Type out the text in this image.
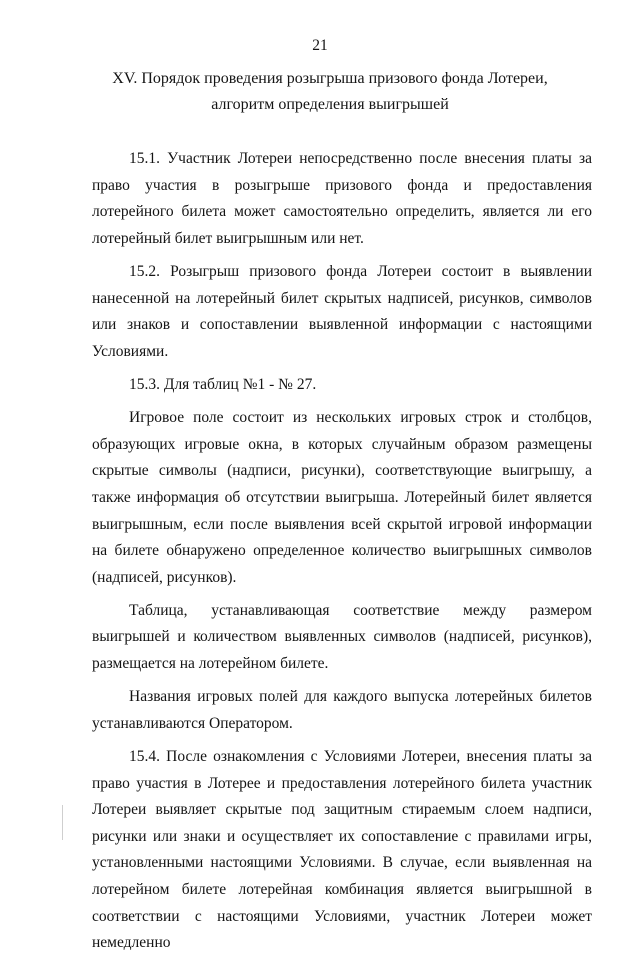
21
XV. Порядок проведения розыгрыша призового фонда Лотереи,
алгоритм определения выигрышей

15.1. Участник Лотереи непосредственно после внесения платы за право участия в розыгрыше призового фонда и предоставления лотерейного билета может самостоятельно определить, является ли его лотерейный билет выигрышным или нет.

15.2. Розыгрыш призового фонда Лотереи состоит в выявлении нанесенной на лотерейный билет скрытых надписей, рисунков, символов или знаков и сопоставлении выявленной информации с настоящими Условиями.

15.3. Для таблиц №1 - № 27.

Игровое поле состоит из нескольких игровых строк и столбцов, образующих игровые окна, в которых случайным образом размещены скрытые символы (надписи, рисунки), соответствующие выигрышу, а также информация об отсутствии выигрыша. Лотерейный билет является выигрышным, если после выявления всей скрытой игровой информации на билете обнаружено определенное количество выигрышных символов (надписей, рисунков).

Таблица, устанавливающая соответствие между размером выигрышей и количеством выявленных символов (надписей, рисунков), размещается на лотерейном билете.

Названия игровых полей для каждого выпуска лотерейных билетов устанавливаются Оператором.

15.4. После ознакомления с Условиями Лотереи, внесения платы за право участия в Лотерее и предоставления лотерейного билета участник Лотереи выявляет скрытые под защитным стираемым слоем надписи, рисунки или знаки и осуществляет их сопоставление с правилами игры, установленными настоящими Условиями. В случае, если выявленная на лотерейном билете лотерейная комбинация является выигрышной в соответствии с настоящими Условиями, участник Лотереи может немедленно
